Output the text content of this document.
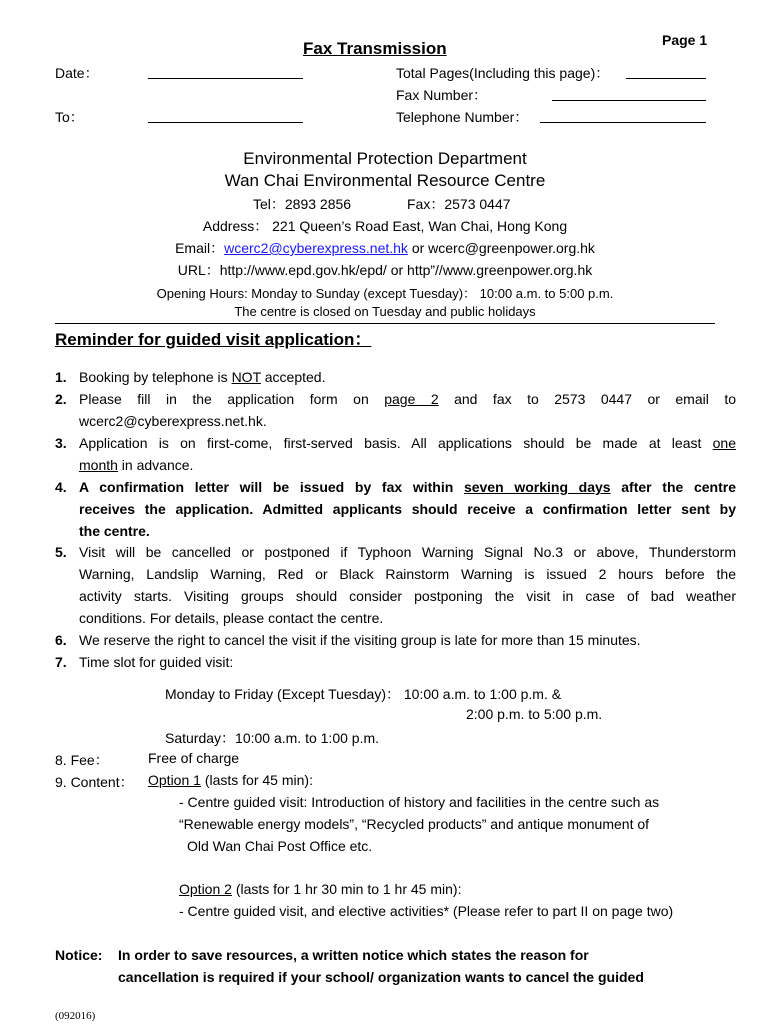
Page 1
Fax Transmission
Date：
To：
Total Pages(Including this page)：
Fax Number：
Telephone Number：
Environmental Protection Department
Wan Chai Environmental Resource Centre
Tel：2893 2856	Fax：2573 0447
Address： 221 Queen’s Road East, Wan Chai, Hong Kong
Email：wcerc2@cyberexpress.net.hk or wcerc@greenpower.org.hk
URL：http://www.epd.gov.hk/epd/ or http”//www.greenpower.org.hk
Opening Hours: Monday to Sunday (except Tuesday)： 10:00 a.m. to 5:00 p.m.
The centre is closed on Tuesday and public holidays
Reminder for guided visit application：
1. Booking by telephone is NOT accepted.
2. Please fill in the application form on page 2 and fax to 2573 0447 or email to
wcerc2@cyberexpress.net.hk.
3. Application is on first-come, first-served basis. All applications should be made at least one
month in advance.
4. A confirmation letter will be issued by fax within seven working days after the centre
receives the application. Admitted applicants should receive a confirmation letter sent by
the centre.
5. Visit will be cancelled or postponed if Typhoon Warning Signal No.3 or above, Thunderstorm
Warning, Landslip Warning, Red or Black Rainstorm Warning is issued 2 hours before the
activity starts. Visiting groups should consider postponing the visit in case of bad weather
conditions. For details, please contact the centre.
6. We reserve the right to cancel the visit if the visiting group is late for more than 15 minutes.
7. Time slot for guided visit:
Monday to Friday (Except Tuesday)： 10:00 a.m. to 1:00 p.m. &
2:00 p.m. to 5:00 p.m.
Saturday：10:00 a.m. to 1:00 p.m.
8. Fee：	Free of charge
9. Content： Option 1 (lasts for 45 min):
- Centre guided visit: Introduction of history and facilities in the centre such as
“Renewable energy models”, “Recycled products” and antique monument of
Old Wan Chai Post Office etc.
Option 2 (lasts for 1 hr 30 min to 1 hr 45 min):
- Centre guided visit, and elective activities* (Please refer to part II on page two)
Notice: In order to save resources, a written notice which states the reason for
cancellation is required if your school/ organization wants to cancel the guided
(092016)
